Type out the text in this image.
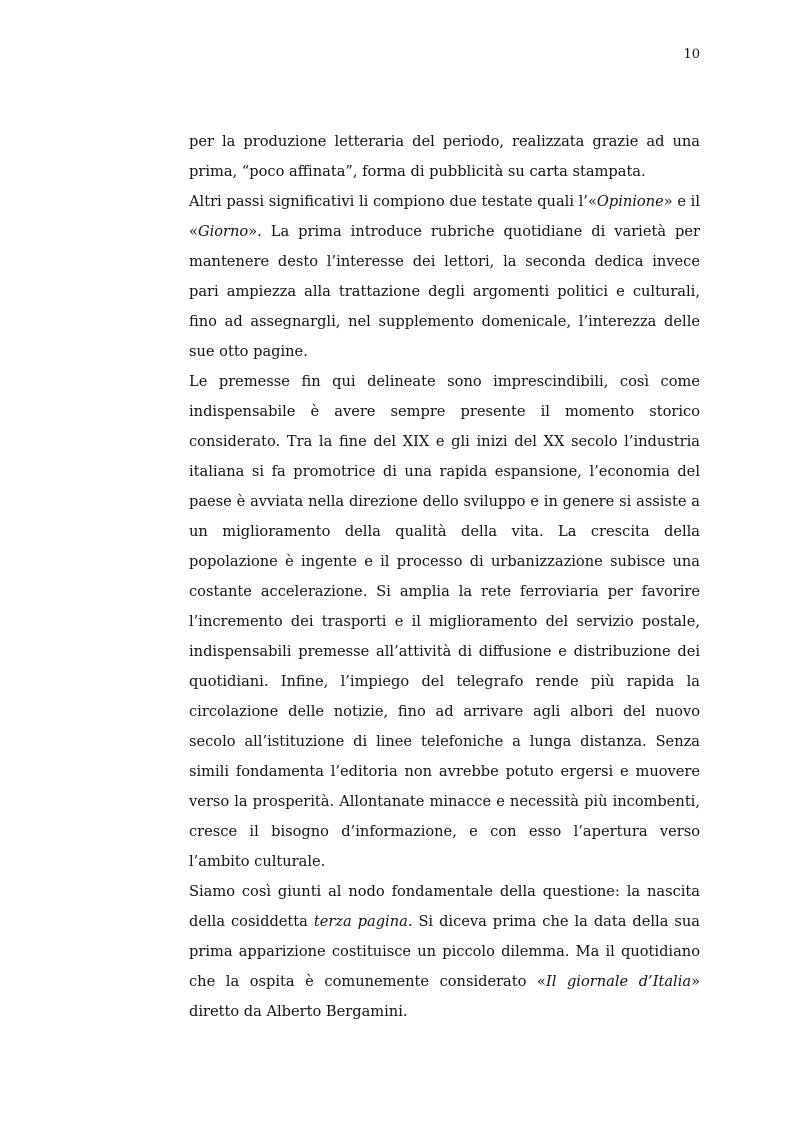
10

per la produzione letteraria del periodo, realizzata grazie ad una prima, “poco affinata”, forma di pubblicità su carta stampata.

Altri passi significativi li compiono due testate quali l’«Opinione» e il «Giorno». La prima introduce rubriche quotidiane di varietà per mantenere desto l’interesse dei lettori, la seconda dedica invece pari ampiezza alla trattazione degli argomenti politici e culturali, fino ad assegnargli, nel supplemento domenicale, l’interezza delle sue otto pagine.

Le premesse fin qui delineate sono imprescindibili, così come indispensabile è avere sempre presente il momento storico considerato. Tra la fine del XIX e gli inizi del XX secolo l’industria italiana si fa promotrice di una rapida espansione, l’economia del paese è avviata nella direzione dello sviluppo e in genere si assiste a un miglioramento della qualità della vita. La crescita della popolazione è ingente e il processo di urbanizzazione subisce una costante accelerazione. Si amplia la rete ferroviaria per favorire l’incremento dei trasporti e il miglioramento del servizio postale, indispensabili premesse all’attività di diffusione e distribuzione dei quotidiani. Infine, l’impiego del telegrafo rende più rapida la circolazione delle notizie, fino ad arrivare agli albori del nuovo secolo all’istituzione di linee telefoniche a lunga distanza. Senza simili fondamenta l’editoria non avrebbe potuto ergersi e muovere verso la prosperità. Allontanate minacce e necessità più incombenti, cresce il bisogno d’informazione, e con esso l’apertura verso l’ambito culturale.

Siamo così giunti al nodo fondamentale della questione: la nascita della cosiddetta terza pagina. Si diceva prima che la data della sua prima apparizione costituisce un piccolo dilemma. Ma il quotidiano che la ospita è comunemente considerato «Il giornale d’Italia» diretto da Alberto Bergamini.
